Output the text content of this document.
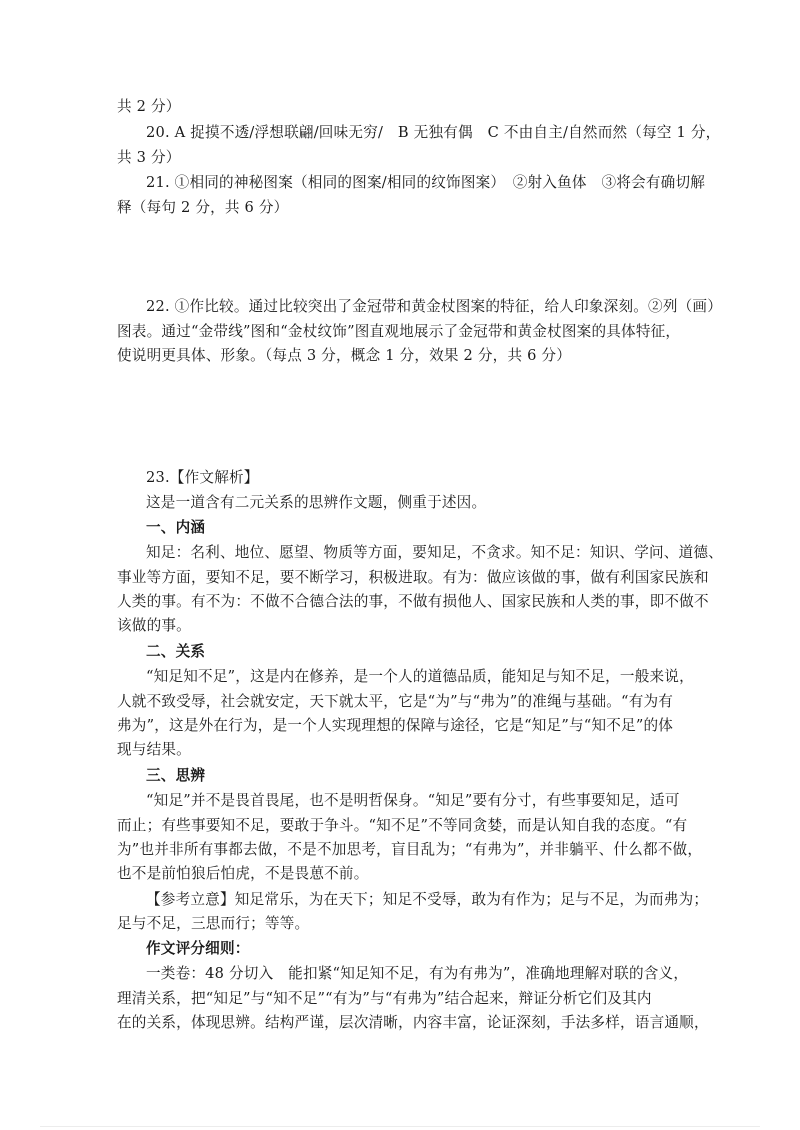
共 2 分）
20. A 捉摸不透/浮想联翩/回味无穷/　B 无独有偶　C 不由自主/自然而然（每空 1 分，
共 3 分）
21. ①相同的神秘图案（相同的图案/相同的纹饰图案）　②射入鱼体　③将会有确切解
释（每句 2 分，共 6 分）
22. ①作比较。通过比较突出了金冠带和黄金杖图案的特征，给人印象深刻。②列（画）
图表。通过“金带线”图和“金杖纹饰”图直观地展示了金冠带和黄金杖图案的具体特征，
使说明更具体、形象。（每点 3 分，概念 1 分，效果 2 分，共 6 分）
23.【作文解析】
这是一道含有二元关系的思辨作文题，侧重于述因。
一、内涵
知足：名利、地位、愿望、物质等方面，要知足，不贪求。知不足：知识、学问、道德、
事业等方面，要知不足，要不断学习，积极进取。有为：做应该做的事，做有利国家民族和
人类的事。有不为：不做不合德合法的事，不做有损他人、国家民族和人类的事，即不做不
该做的事。
二、关系
“知足知不足”，这是内在修养，是一个人的道德品质，能知足与知不足，一般来说，
人就不致受辱，社会就安定，天下就太平，它是“为”与“弗为”的准绳与基础。“有为有
弗为”，这是外在行为，是一个人实现理想的保障与途径，它是“知足”与“知不足”的体
现与结果。
三、思辨
“知足”并不是畏首畏尾，也不是明哲保身。“知足”要有分寸，有些事要知足，适可
而止；有些事要知不足，要敢于争斗。“知不足”不等同贪婪，而是认知自我的态度。“有
为”也并非所有事都去做，不是不加思考，盲目乱为；“有弗为”，并非躺平、什么都不做，
也不是前怕狼后怕虎，不是畏葸不前。
【参考立意】知足常乐，为在天下；知足不受辱，敢为有作为；足与不足，为而弗为；
足与不足，三思而行；等等。
作文评分细则：
一类卷：48 分切入　能扣紧“知足知不足，有为有弗为”，准确地理解对联的含义，
理清关系，把“知足”与“知不足”“有为”与“有弗为”结合起来，辩证分析它们及其内
在的关系，体现思辨。结构严谨，层次清晰，内容丰富，论证深刻，手法多样，语言通顺，
